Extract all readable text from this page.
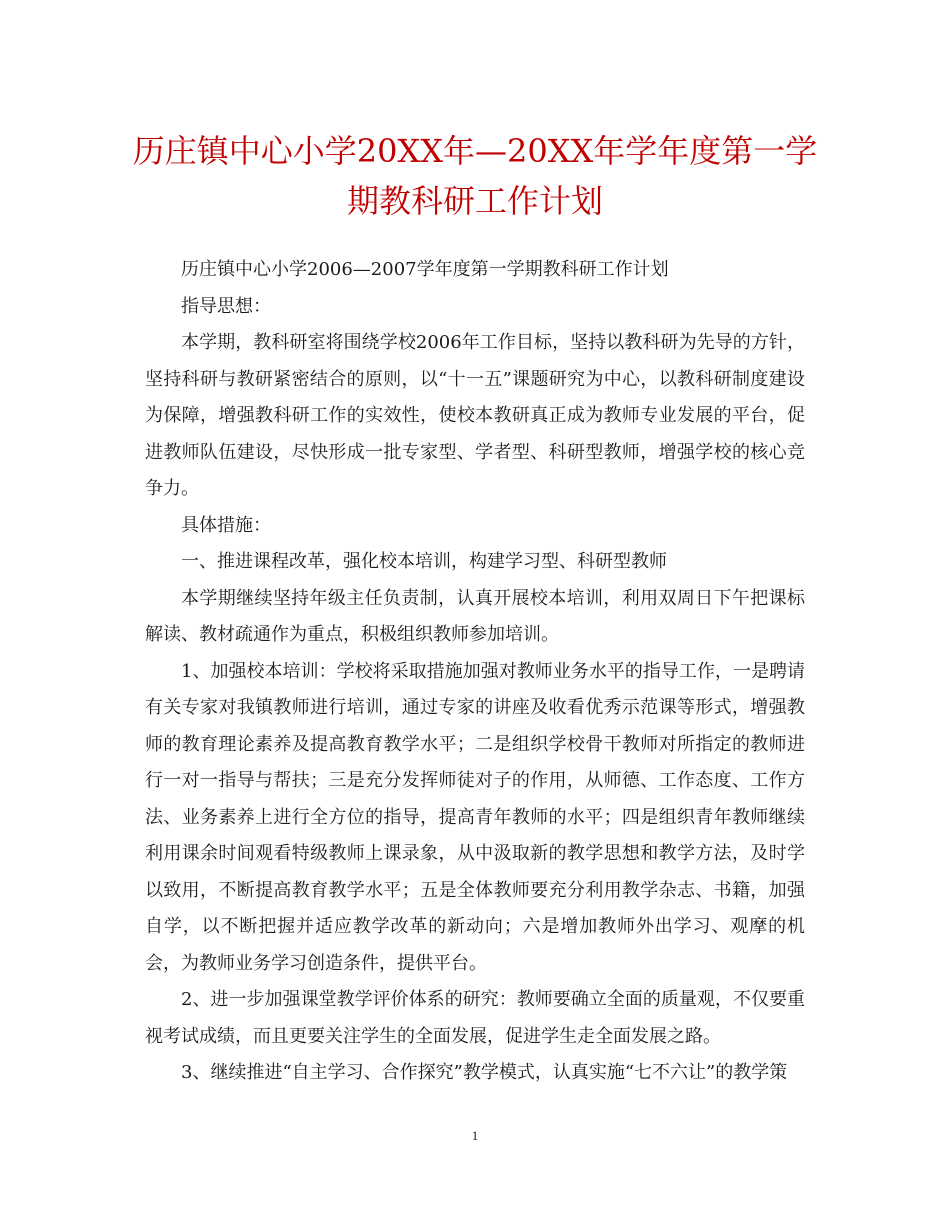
历庄镇中心小学20XX年—20XX年学年度第一学期教科研工作计划

历庄镇中心小学2006—2007学年度第一学期教科研工作计划

指导思想：

本学期，教科研室将围绕学校2006年工作目标，坚持以教科研为先导的方针，坚持科研与教研紧密结合的原则，以“十一五”课题研究为中心，以教科研制度建设为保障，增强教科研工作的实效性，使校本教研真正成为教师专业发展的平台，促进教师队伍建设，尽快形成一批专家型、学者型、科研型教师，增强学校的核心竞争力。

具体措施：

一、推进课程改革，强化校本培训，构建学习型、科研型教师

本学期继续坚持年级主任负责制，认真开展校本培训，利用双周日下午把课标解读、教材疏通作为重点，积极组织教师参加培训。

1、加强校本培训：学校将采取措施加强对教师业务水平的指导工作，一是聘请有关专家对我镇教师进行培训，通过专家的讲座及收看优秀示范课等形式，增强教师的教育理论素养及提高教育教学水平；二是组织学校骨干教师对所指定的教师进行一对一指导与帮扶；三是充分发挥师徒对子的作用，从师德、工作态度、工作方法、业务素养上进行全方位的指导，提高青年教师的水平；四是组织青年教师继续利用课余时间观看特级教师上课录象，从中汲取新的教学思想和教学方法，及时学以致用，不断提高教育教学水平；五是全体教师要充分利用教学杂志、书籍，加强自学，以不断把握并适应教学改革的新动向；六是增加教师外出学习、观摩的机会，为教师业务学习创造条件，提供平台。

2、进一步加强课堂教学评价体系的研究：教师要确立全面的质量观，不仅要重视考试成绩，而且更要关注学生的全面发展，促进学生走全面发展之路。

3、继续推进“自主学习、合作探究”教学模式，认真实施“七不六让”的教学策

1
